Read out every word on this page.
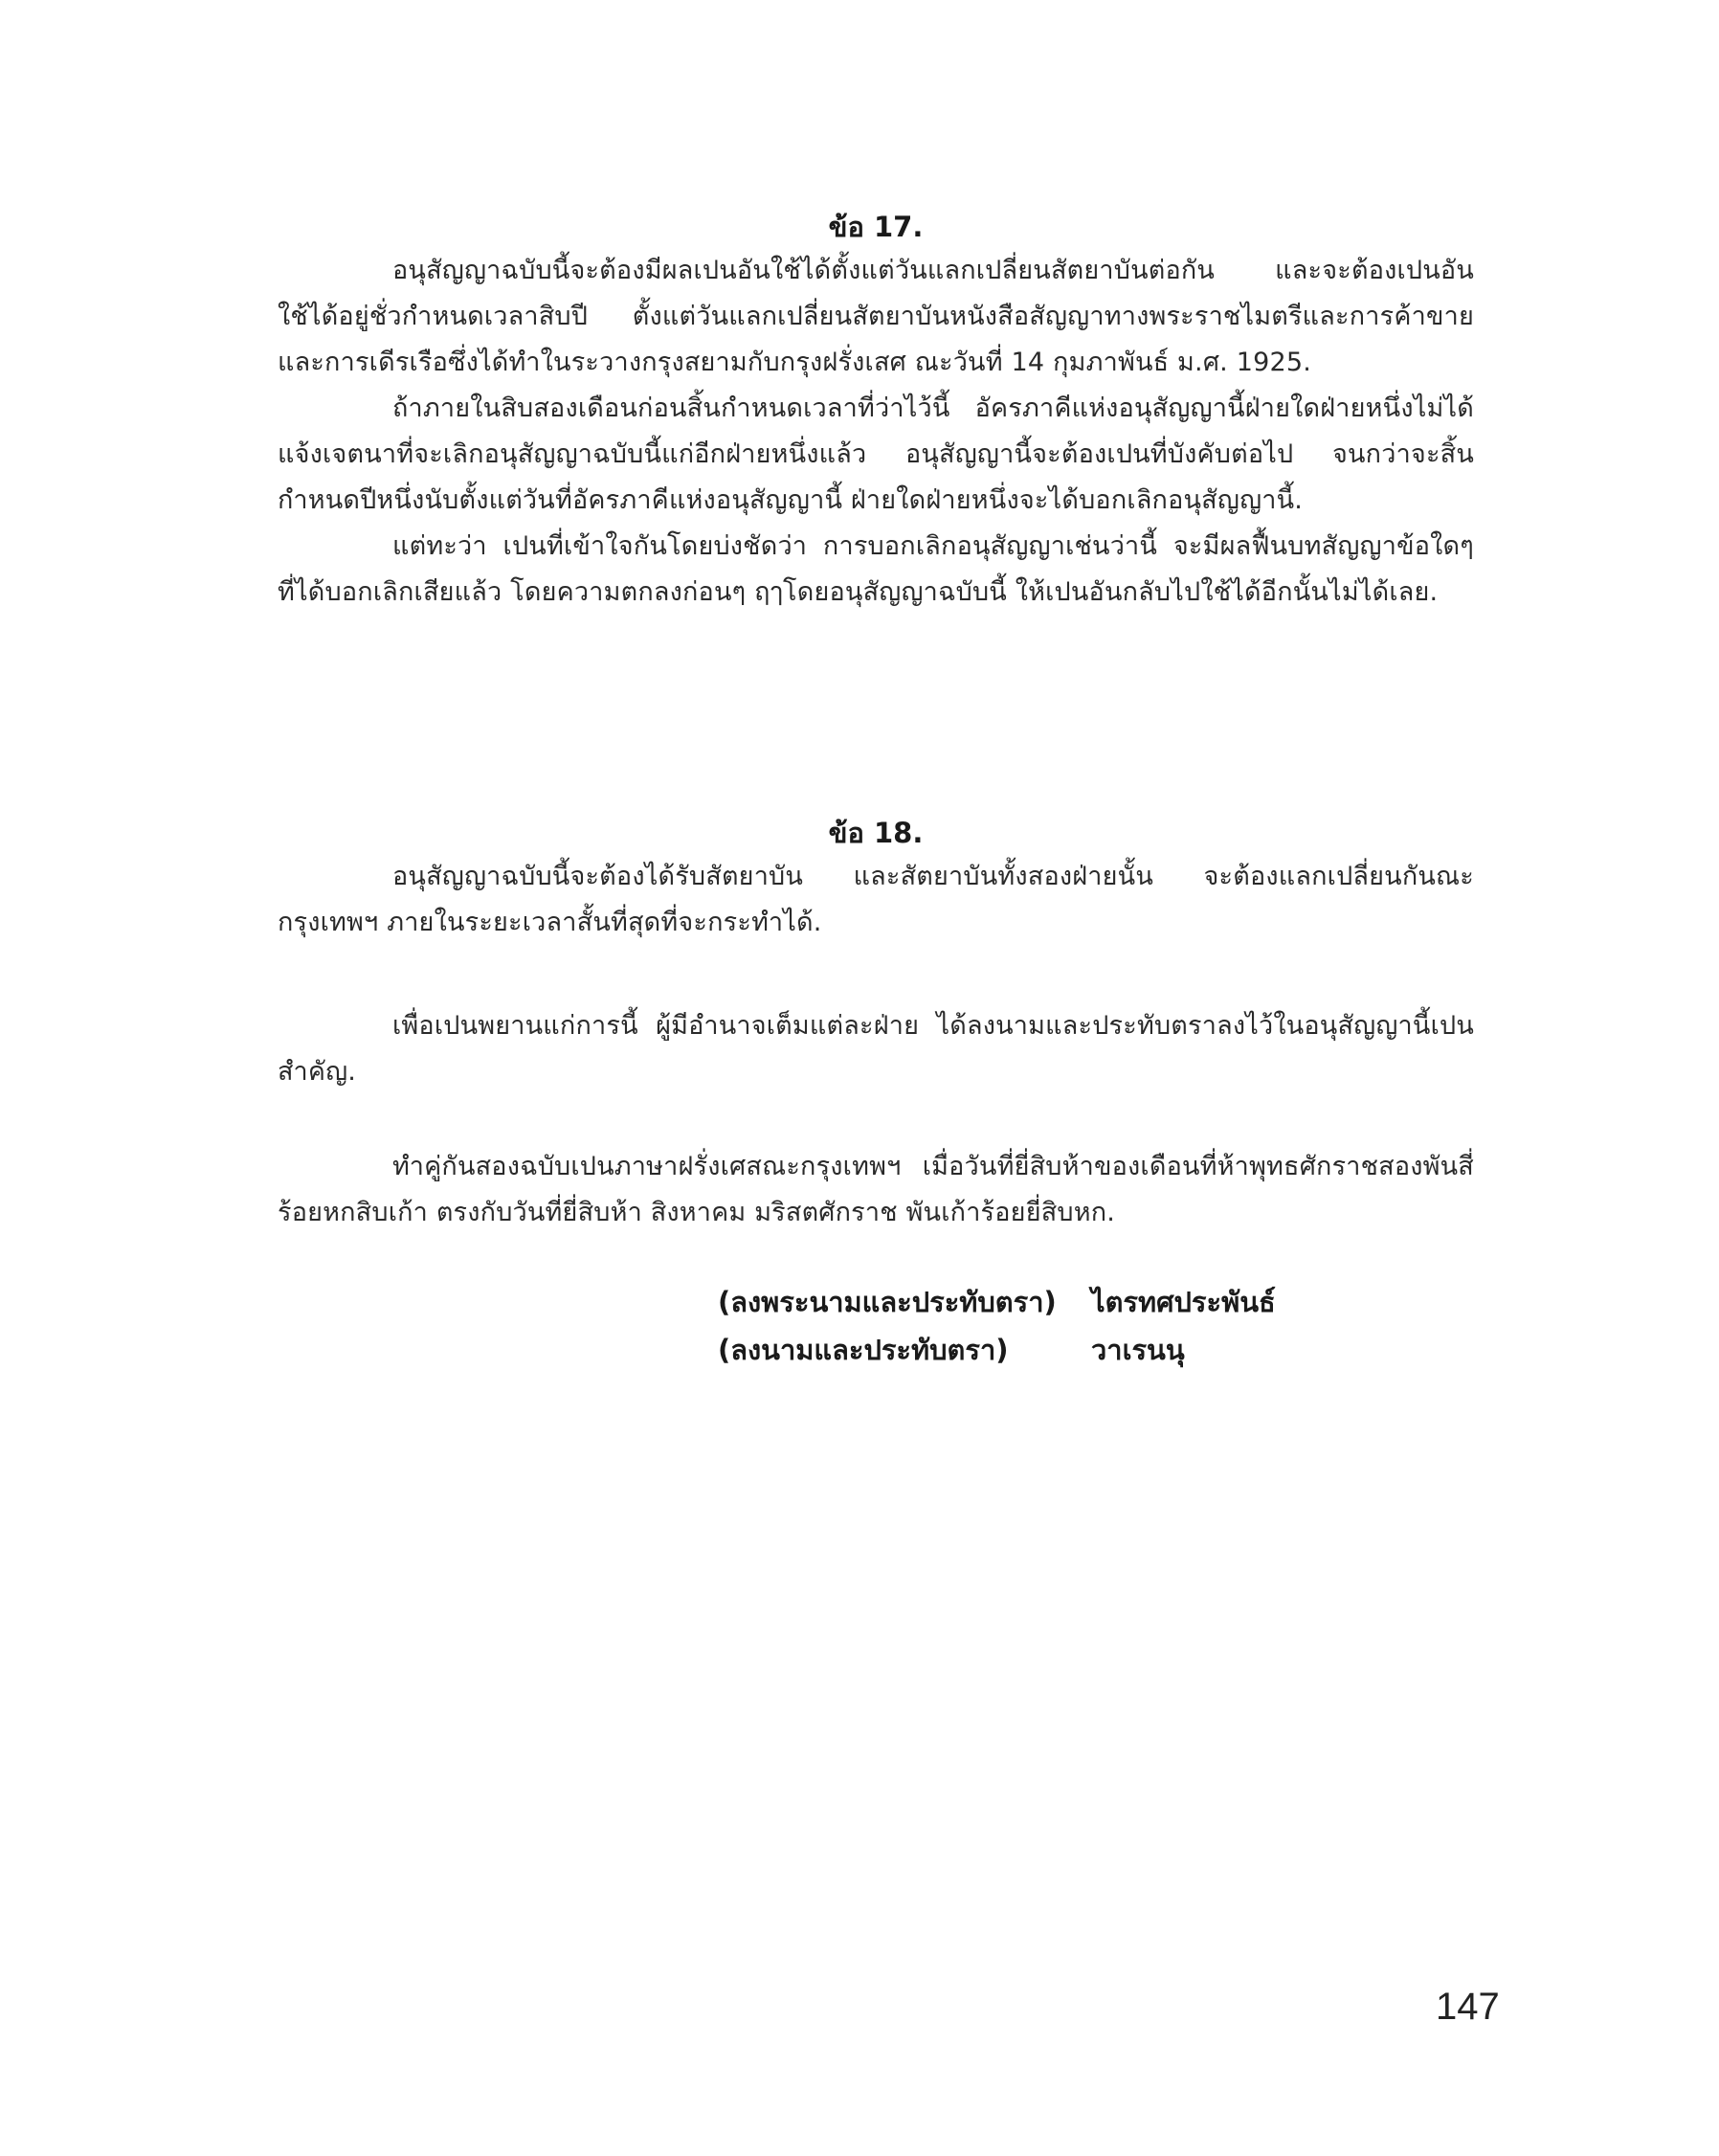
ข้อ 17.

อนุสัญญาฉบับนี้จะต้องมีผลเปนอันใช้ได้ตั้งแต่วันแลกเปลี่ยนสัตยาบันต่อกัน และจะต้องเปนอันใช้ได้อยู่ชั่วกำหนดเวลาสิบปี ตั้งแต่วันแลกเปลี่ยนสัตยาบันหนังสือสัญญาทางพระราชไมตรีและการค้าขายและการเดีรเรือซึ่งได้ทำในระวางกรุงสยามกับกรุงฝรั่งเสศ ณะวันที่ 14 กุมภาพันธ์ ม.ศ. 1925.

ถ้าภายในสิบสองเดือนก่อนสิ้นกำหนดเวลาที่ว่าไว้นี้ อัครภาคีแห่งอนุสัญญานี้ฝ่ายใดฝ่ายหนึ่งไม่ได้แจ้งเจตนาที่จะเลิกอนุสัญญาฉบับนี้แก่อีกฝ่ายหนึ่งแล้ว อนุสัญญานี้จะต้องเปนที่บังคับต่อไป จนกว่าจะสิ้นกำหนดปีหนึ่งนับตั้งแต่วันที่อัครภาคีแห่งอนุสัญญานี้ ฝ่ายใดฝ่ายหนึ่งจะได้บอกเลิกอนุสัญญานี้.

แต่ทะว่า เปนที่เข้าใจกันโดยบ่งชัดว่า การบอกเลิกอนุสัญญาเช่นว่านี้ จะมีผลฟื้นบทสัญญาข้อใดๆ ที่ได้บอกเลิกเสียแล้ว โดยความตกลงก่อนๆ ฤๅโดยอนุสัญญาฉบับนี้ ให้เปนอันกลับไปใช้ได้อีกนั้นไม่ได้เลย.

ข้อ 18.

อนุสัญญาฉบับนี้จะต้องได้รับสัตยาบัน และสัตยาบันทั้งสองฝ่ายนั้น จะต้องแลกเปลี่ยนกันณะกรุงเทพฯ ภายในระยะเวลาสั้นที่สุดที่จะกระทำได้.

เพื่อเปนพยานแก่การนี้ ผู้มีอำนาจเต็มแต่ละฝ่าย ได้ลงนามและประทับตราลงไว้ในอนุสัญญานี้เปนสำคัญ.

ทำคู่กันสองฉบับเปนภาษาฝรั่งเศสณะกรุงเทพฯ เมื่อวันที่ยี่สิบห้าของเดือนที่ห้าพุทธศักราชสองพันสี่ร้อยหกสิบเก้า ตรงกับวันที่ยี่สิบห้า สิงหาคม มริสตศักราช พันเก้าร้อยยี่สิบหก.

(ลงพระนามและประทับตรา)	ไตรทศประพันธ์
(ลงนามและประทับตรา)	วาเรนนุ
147
